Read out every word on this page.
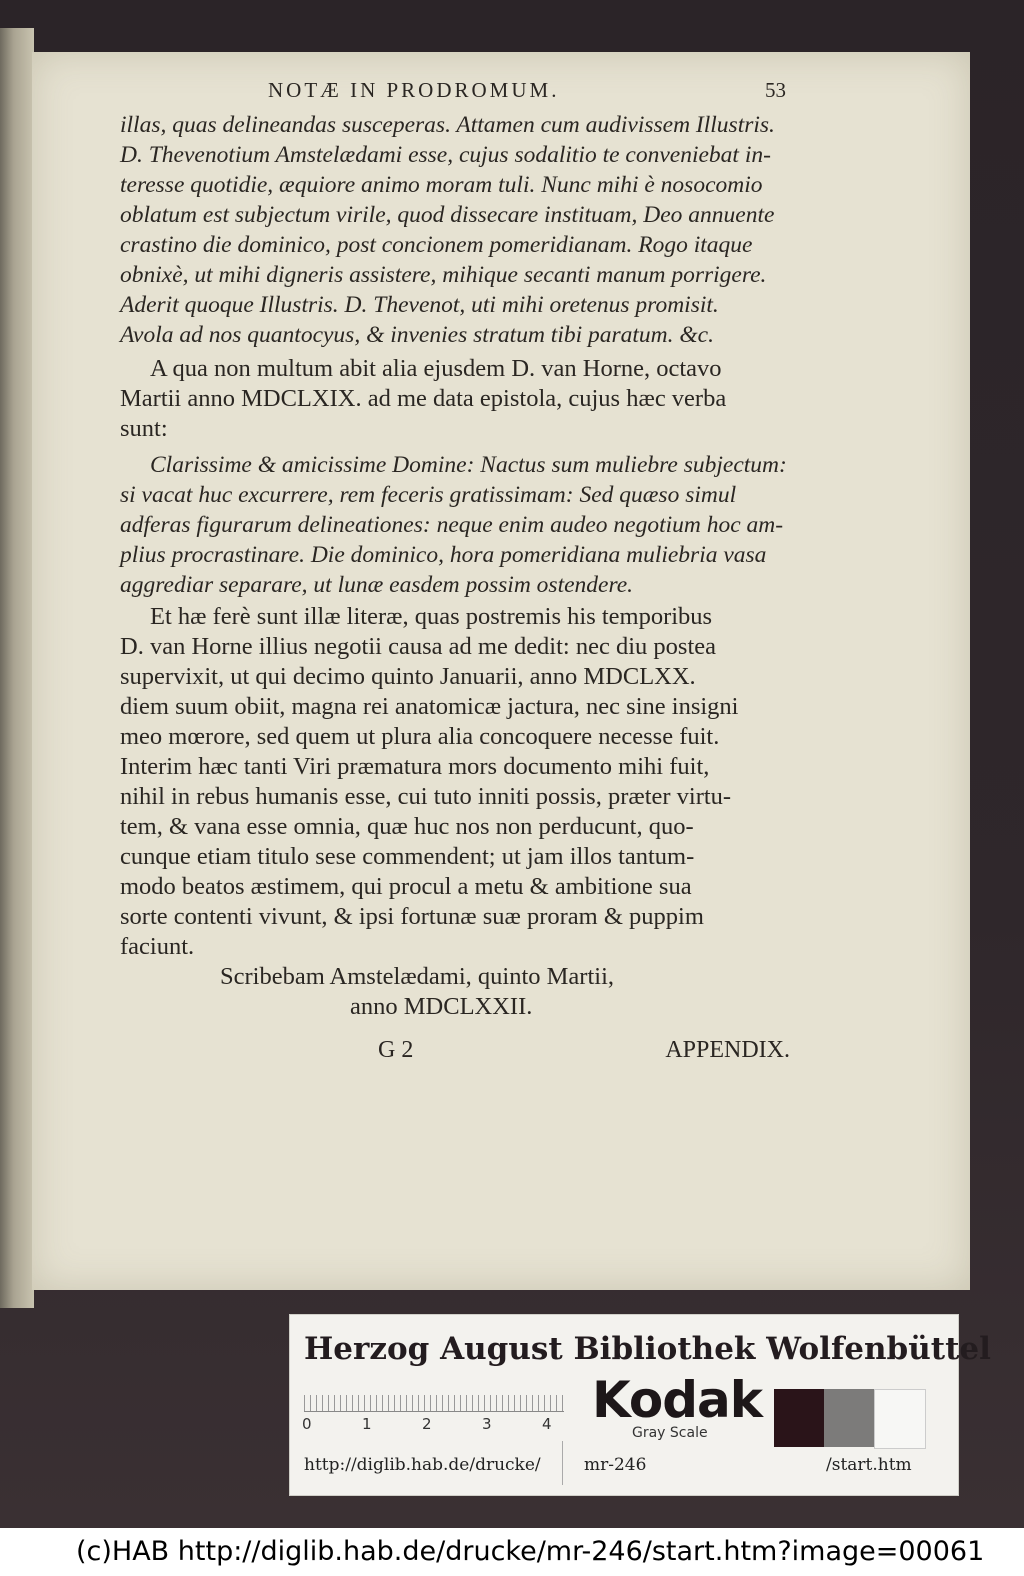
NOTÆ IN PRODROMUM.	53
illas, quas delineandas susceperas. Attamen cum audivissem Illustris.
D. Thevenotium Amstelædami esse, cujus sodalitio te conveniebat in-
teresse quotidie, æquiore animo moram tuli. Nunc mihi è nosocomio
oblatum est subjectum virile, quod dissecare instituam, Deo annuente
crastino die dominico, post concionem pomeridianam. Rogo itaque
obnixè, ut mihi digneris assistere, mihique secanti manum porrigere.
Aderit quoque Illustris. D. Thevenot, uti mihi oretenus promisit.
Avola ad nos quantocyus, & invenies stratum tibi paratum. &c.
A qua non multum abit alia ejusdem D. van Horne, octavo
Martii anno MDCLXIX. ad me data epistola, cujus hæc verba
sunt:
Clarissime & amicissime Domine: Nactus sum muliebre subjectum:
si vacat huc excurrere, rem feceris gratissimam: Sed quæso simul
adferas figurarum delineationes: neque enim audeo negotium hoc am-
plius procrastinare. Die dominico, hora pomeridiana muliebria vasa
aggrediar separare, ut lunæ easdem possim ostendere.
Et hæ ferè sunt illæ literæ, quas postremis his temporibus
D. van Horne illius negotii causa ad me dedit: nec diu postea
supervixit, ut qui decimo quinto Januarii, anno MDCLXX.
diem suum obiit, magna rei anatomicæ jactura, nec sine insigni
meo mœrore, sed quem ut plura alia concoquere necesse fuit.
Interim hæc tanti Viri præmatura mors documento mihi fuit,
nihil in rebus humanis esse, cui tuto inniti possis, præter virtu-
tem, & vana esse omnia, quæ huc nos non perducunt, quo-
cunque etiam titulo sese commendent; ut jam illos tantum-
modo beatos æstimem, qui procul a metu & ambitione sua
sorte contenti vivunt, & ipsi fortunæ suæ proram & puppim
faciunt.
Scribebam Amstelædami, quinto Martii,
anno MDCLXXII.
G 2	APPENDIX.
Herzog August Bibliothek Wolfenbüttel
0	1	2	3	4 Kodak
Gray Scale
http://diglib.hab.de/drucke/	mr-246	/start.htm
(c)HAB http://diglib.hab.de/drucke/mr-246/start.htm?image=00061
